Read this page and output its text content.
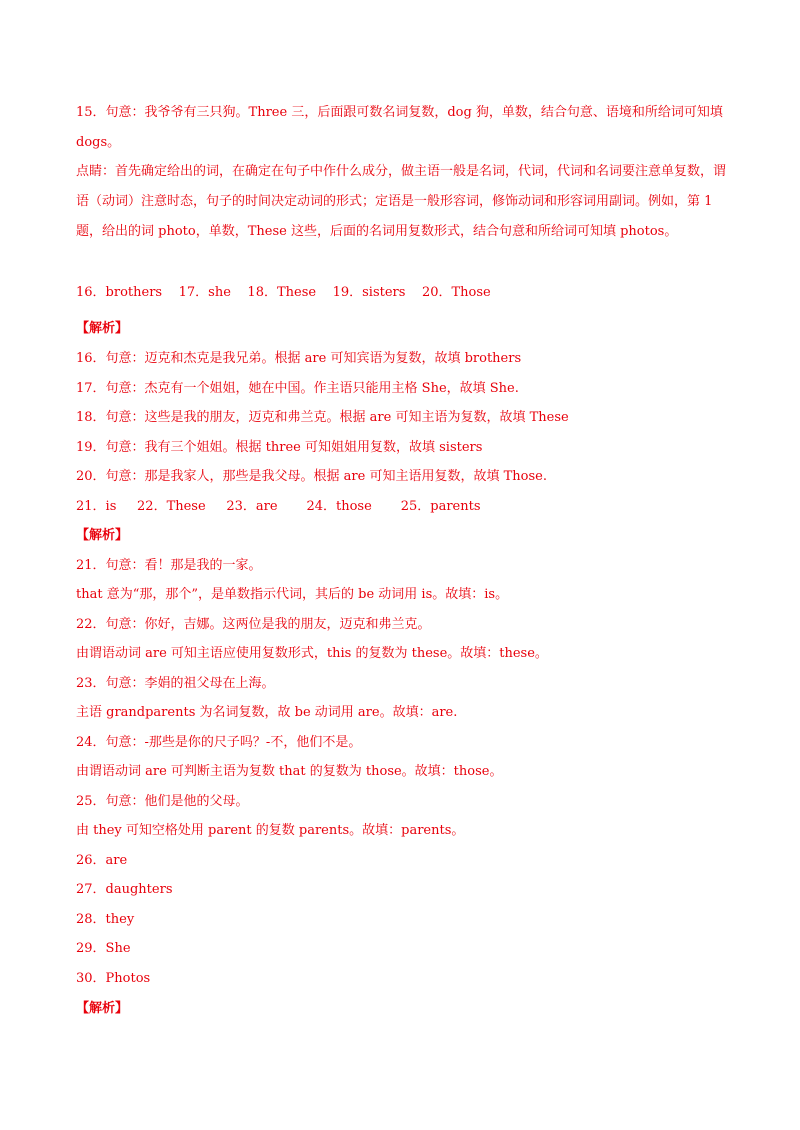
15．句意：我爷爷有三只狗。Three 三，后面跟可数名词复数，dog 狗，单数，结合句意、语境和所给词可知填 dogs。
点睛：首先确定给出的词，在确定在句子中作什么成分，做主语一般是名词，代词，代词和名词要注意单复数，谓语（动词）注意时态，句子的时间决定动词的形式；定语是一般形容词，修饰动词和形容词用副词。例如，第 1 题，给出的词 photo，单数，These 这些，后面的名词用复数形式，结合句意和所给词可知填 photos。
16．brothers    17．she    18．These    19．sisters    20．Those
【解析】
16．句意：迈克和杰克是我兄弟。根据 are 可知宾语为复数，故填 brothers
17．句意：杰克有一个姐姐，她在中国。作主语只能用主格 She，故填 She.
18．句意：这些是我的朋友，迈克和弗兰克。根据 are 可知主语为复数，故填 These
19．句意：我有三个姐姐。根据 three 可知姐姐用复数，故填 sisters
20．句意：那是我家人，那些是我父母。根据 are 可知主语用复数，故填 Those.
21．is     22．These     23．are       24．those       25．parents
【解析】
21．句意：看！那是我的一家。
that 意为“那，那个”，是单数指示代词，其后的 be 动词用 is。故填：is。
22．句意：你好，吉娜。这两位是我的朋友，迈克和弗兰克。
由谓语动词 are 可知主语应使用复数形式，this 的复数为 these。故填：these。
23．句意：李娟的祖父母在上海。
主语 grandparents 为名词复数，故 be 动词用 are。故填：are.
24．句意：-那些是你的尺子吗？-不，他们不是。
由谓语动词 are 可判断主语为复数 that 的复数为 those。故填：those。
25．句意：他们是他的父母。
由 they 可知空格处用 parent 的复数 parents。故填：parents。
26．are
27．daughters
28．they
29．She
30．Photos
【解析】
